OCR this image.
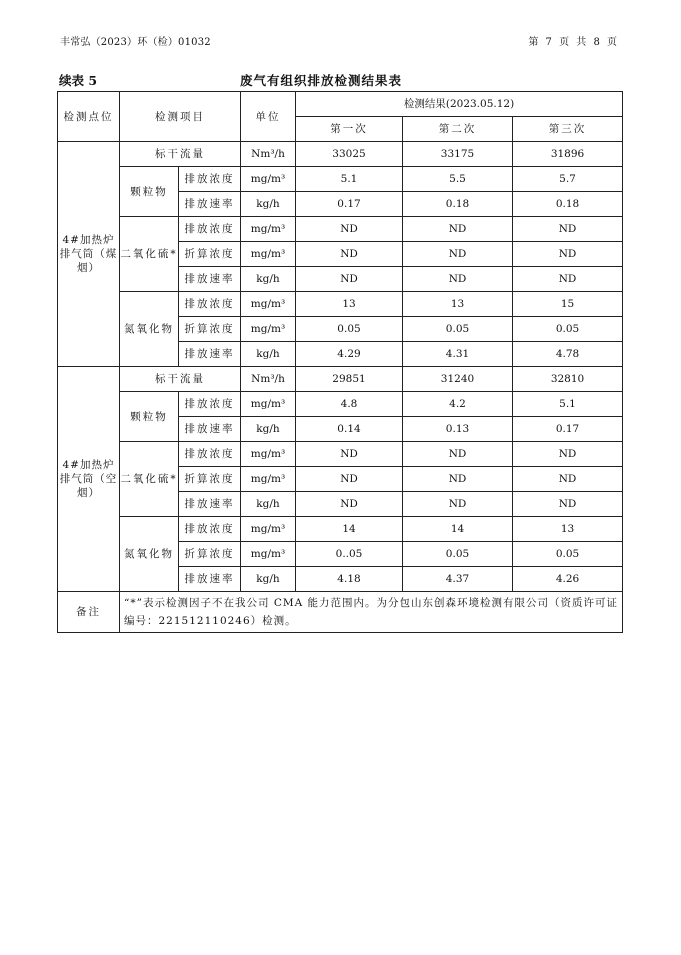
丰常弘（2023）环（检）01032	第 7 页 共 8 页
续表 5	废气有组织排放检测结果表
检测点位	检测项目		单位	检测结果(2023.05.12)		
				第一次	第二次	第三次
4#加热炉排气筒（煤烟）	标干流量		Nm³/h	33025	33175	31896
	颗粒物	排放浓度	mg/m³	5.1	5.5	5.7
		排放速率	kg/h	0.17	0.18	0.18
	二氧化硫*	排放浓度	mg/m³	ND	ND	ND
		折算浓度	mg/m³	ND	ND	ND
		排放速率	kg/h	ND	ND	ND
	氮氧化物	排放浓度	mg/m³	13	13	15
		折算浓度	mg/m³	0.05	0.05	0.05
		排放速率	kg/h	4.29	4.31	4.78
4#加热炉排气筒（空烟）	标干流量		Nm³/h	29851	31240	32810
	颗粒物	排放浓度	mg/m³	4.8	4.2	5.1
		排放速率	kg/h	0.14	0.13	0.17
	二氧化硫*	排放浓度	mg/m³	ND	ND	ND
		折算浓度	mg/m³	ND	ND	ND
		排放速率	kg/h	ND	ND	ND
	氮氧化物	排放浓度	mg/m³	14	14	13
		折算浓度	mg/m³	0..05	0.05	0.05
		排放速率	kg/h	4.18	4.37	4.26
备注	“*”表示检测因子不在我公司 CMA 能力范围内。为分包山东创森环境检测有限公司（资质许可证编号：221512110246）检测。					
